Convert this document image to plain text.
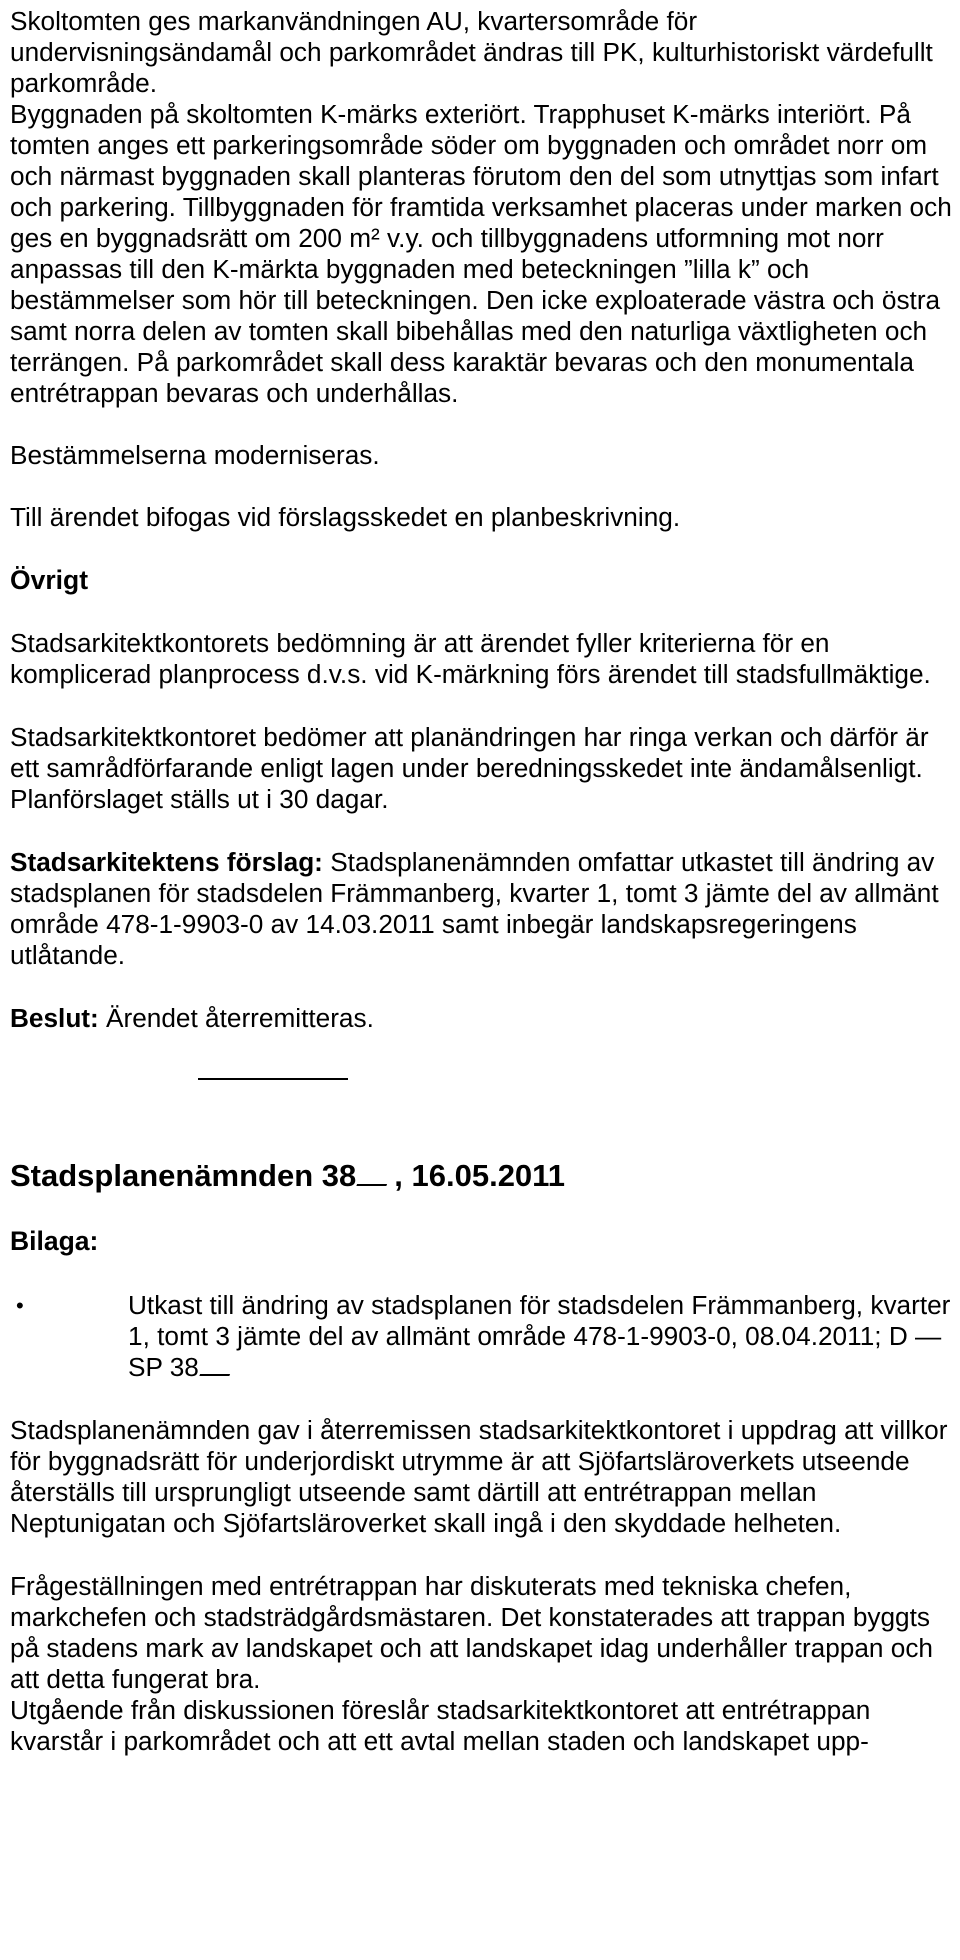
Skoltomten ges markanvändningen AU, kvartersområde för undervisningsändamål och parkområdet ändras till PK, kulturhistoriskt värdefullt parkområde.

Byggnaden på skoltomten K-märks exteriört. Trapphuset K-märks interiört. På tomten anges ett parkeringsområde söder om byggnaden och området norr om och närmast byggnaden skall planteras förutom den del som utnyttjas som infart och parkering. Tillbyggnaden för framtida verksamhet placeras under marken och ges en byggnadsrätt om 200 m² v.y. och tillbyggnadens utformning mot norr anpassas till den K-märkta byggnaden med beteckningen ”lilla k” och bestämmelser som hör till beteckningen. Den icke exploaterade västra och östra samt norra delen av tomten skall bibehållas med den naturliga växtligheten och terrängen. På parkområdet skall dess karaktär bevaras och den monumentala entrétrappan bevaras och underhållas.

Bestämmelserna moderniseras.

Till ärendet bifogas vid förslagsskedet en planbeskrivning.

Övrigt

Stadsarkitektkontorets bedömning är att ärendet fyller kriterierna för en komplicerad planprocess d.v.s. vid K-märkning förs ärendet till stadsfullmäktige.

Stadsarkitektkontoret bedömer att planändringen har ringa verkan och därför är ett samrådförfarande enligt lagen under beredningsskedet inte ändamålsenligt. Planförslaget ställs ut i 30 dagar.

Stadsarkitektens förslag: Stadsplanenämnden omfattar utkastet till ändring av stadsplanen för stadsdelen Främmanberg, kvarter 1, tomt 3 jämte del av allmänt område 478-1-9903-0 av 14.03.2011 samt inbegär landskapsregeringens utlåtande.

Beslut: Ärendet återremitteras.

Stadsplanenämnden 38 , 16.05.2011

Bilaga:

•	Utkast till ändring av stadsplanen för stadsdelen Främmanberg, kvarter 1, tomt 3 jämte del av allmänt område 478-1-9903-0, 08.04.2011; D — SP 38

Stadsplanenämnden gav i återremissen stadsarkitektkontoret i uppdrag att villkor för byggnadsrätt för underjordiskt utrymme är att Sjöfartsläroverkets utseende återställs till ursprungligt utseende samt därtill att entrétrappan mellan Neptunigatan och Sjöfartsläroverket skall ingå i den skyddade helheten.

Frågeställningen med entrétrappan har diskuterats med tekniska chefen, markchefen och stadsträdgårdsmästaren. Det konstaterades att trappan byggts på stadens mark av landskapet och att landskapet idag underhåller trappan och att detta fungerat bra.

Utgående från diskussionen föreslår stadsarkitektkontoret att entrétrappan kvarstår i parkområdet och att ett avtal mellan staden och landskapet upp-
